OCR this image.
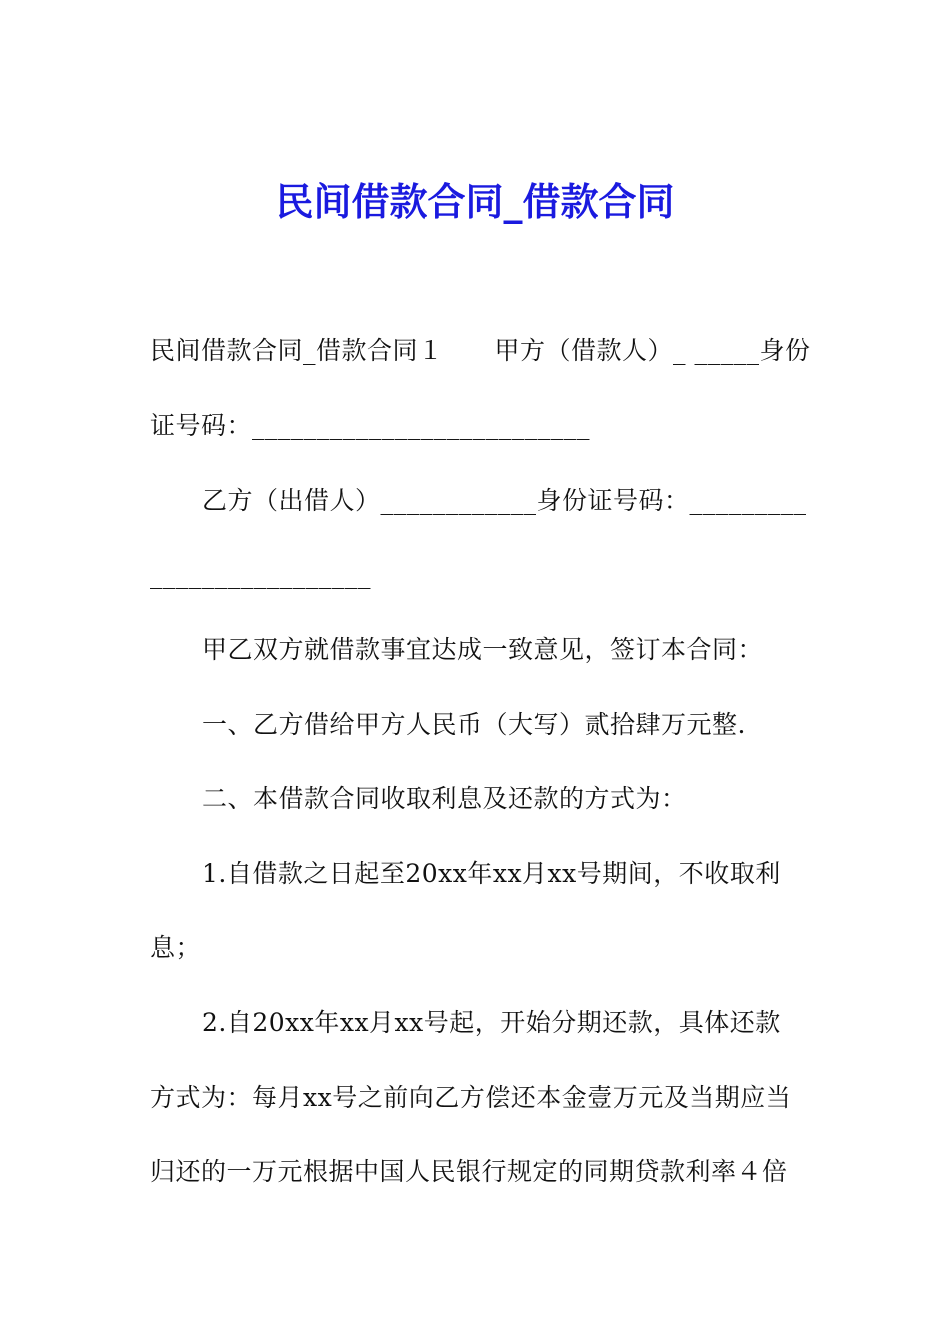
民间借款合同_借款合同
民间借款合同_借款合同１　　甲方（借款人）_ _____身份
证号码：__________________________
乙方（出借人）____________身份证号码：_________
_________________
甲乙双方就借款事宜达成一致意见，签订本合同：
一、乙方借给甲方人民币（大写）贰拾肆万元整.
二、本借款合同收取利息及还款的方式为：
1.自借款之日起至20xx年xx月xx号期间，不收取利
息；
2.自20xx年xx月xx号起，开始分期还款，具体还款
方式为：每月xx号之前向乙方偿还本金壹万元及当期应当
归还的一万元根据中国人民银行规定的同期贷款利率４倍
